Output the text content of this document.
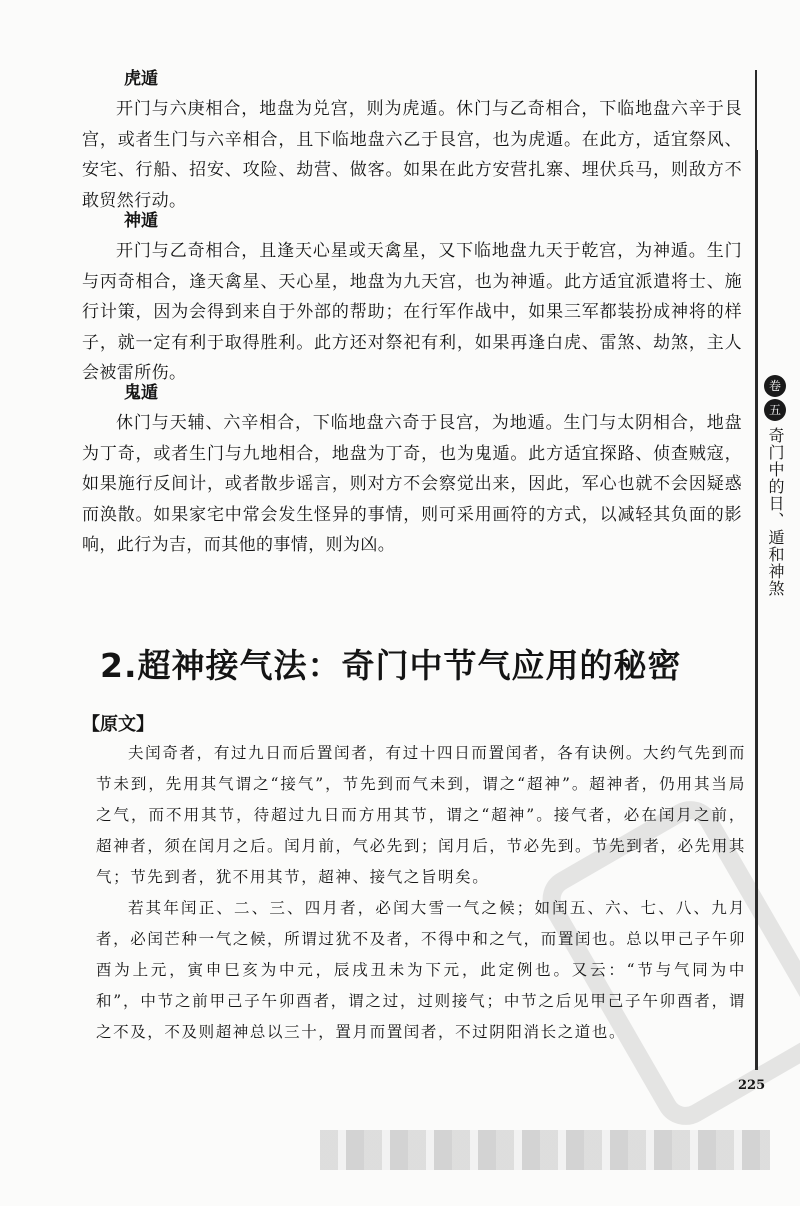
虎遁

开门与六庚相合，地盘为兑宫，则为虎遁。休门与乙奇相合，下临地盘六辛于艮宫，或者生门与六辛相合，且下临地盘六乙于艮宫，也为虎遁。在此方，适宜祭风、安宅、行船、招安、攻险、劫营、做客。如果在此方安营扎寨、埋伏兵马，则敌方不敢贸然行动。

神遁

开门与乙奇相合，且逢天心星或天禽星，又下临地盘九天于乾宫，为神遁。生门与丙奇相合，逢天禽星、天心星，地盘为九天宫，也为神遁。此方适宜派遣将士、施行计策，因为会得到来自于外部的帮助；在行军作战中，如果三军都装扮成神将的样子，就一定有利于取得胜利。此方还对祭祀有利，如果再逢白虎、雷煞、劫煞，主人会被雷所伤。

鬼遁

休门与天辅、六辛相合，下临地盘六奇于艮宫，为地遁。生门与太阴相合，地盘为丁奇，或者生门与九地相合，地盘为丁奇，也为鬼遁。此方适宜探路、侦查贼寇，如果施行反间计，或者散步谣言，则对方不会察觉出来，因此，军心也就不会因疑惑而涣散。如果家宅中常会发生怪异的事情，则可采用画符的方式，以减轻其负面的影响，此行为吉，而其他的事情，则为凶。

2.超神接气法：奇门中节气应用的秘密
【原文】

夫闰奇者，有过九日而后置闰者，有过十四日而置闰者，各有诀例。大约气先到而节未到，先用其气谓之“接气”，节先到而气未到，谓之“超神”。超神者，仍用其当局之气，而不用其节，待超过九日而方用其节，谓之“超神”。接气者，必在闰月之前，超神者，须在闰月之后。闰月前，气必先到；闰月后，节必先到。节先到者，必先用其气；节先到者，犹不用其节，超神、接气之旨明矣。

若其年闰正、二、三、四月者，必闰大雪一气之候；如闰五、六、七、八、九月者，必闰芒种一气之候，所谓过犹不及者，不得中和之气，而置闰也。总以甲己子午卯酉为上元，寅申巳亥为中元，辰戌丑未为下元，此定例也。又云：“节与气同为中和”，中节之前甲己子午卯酉者，谓之过，过则接气；中节之后见甲己子午卯酉者，谓之不及，不及则超神总以三十，置月而置闰者，不过阴阳消长之道也。

卷
五
奇门中的日、遁和神煞
225
